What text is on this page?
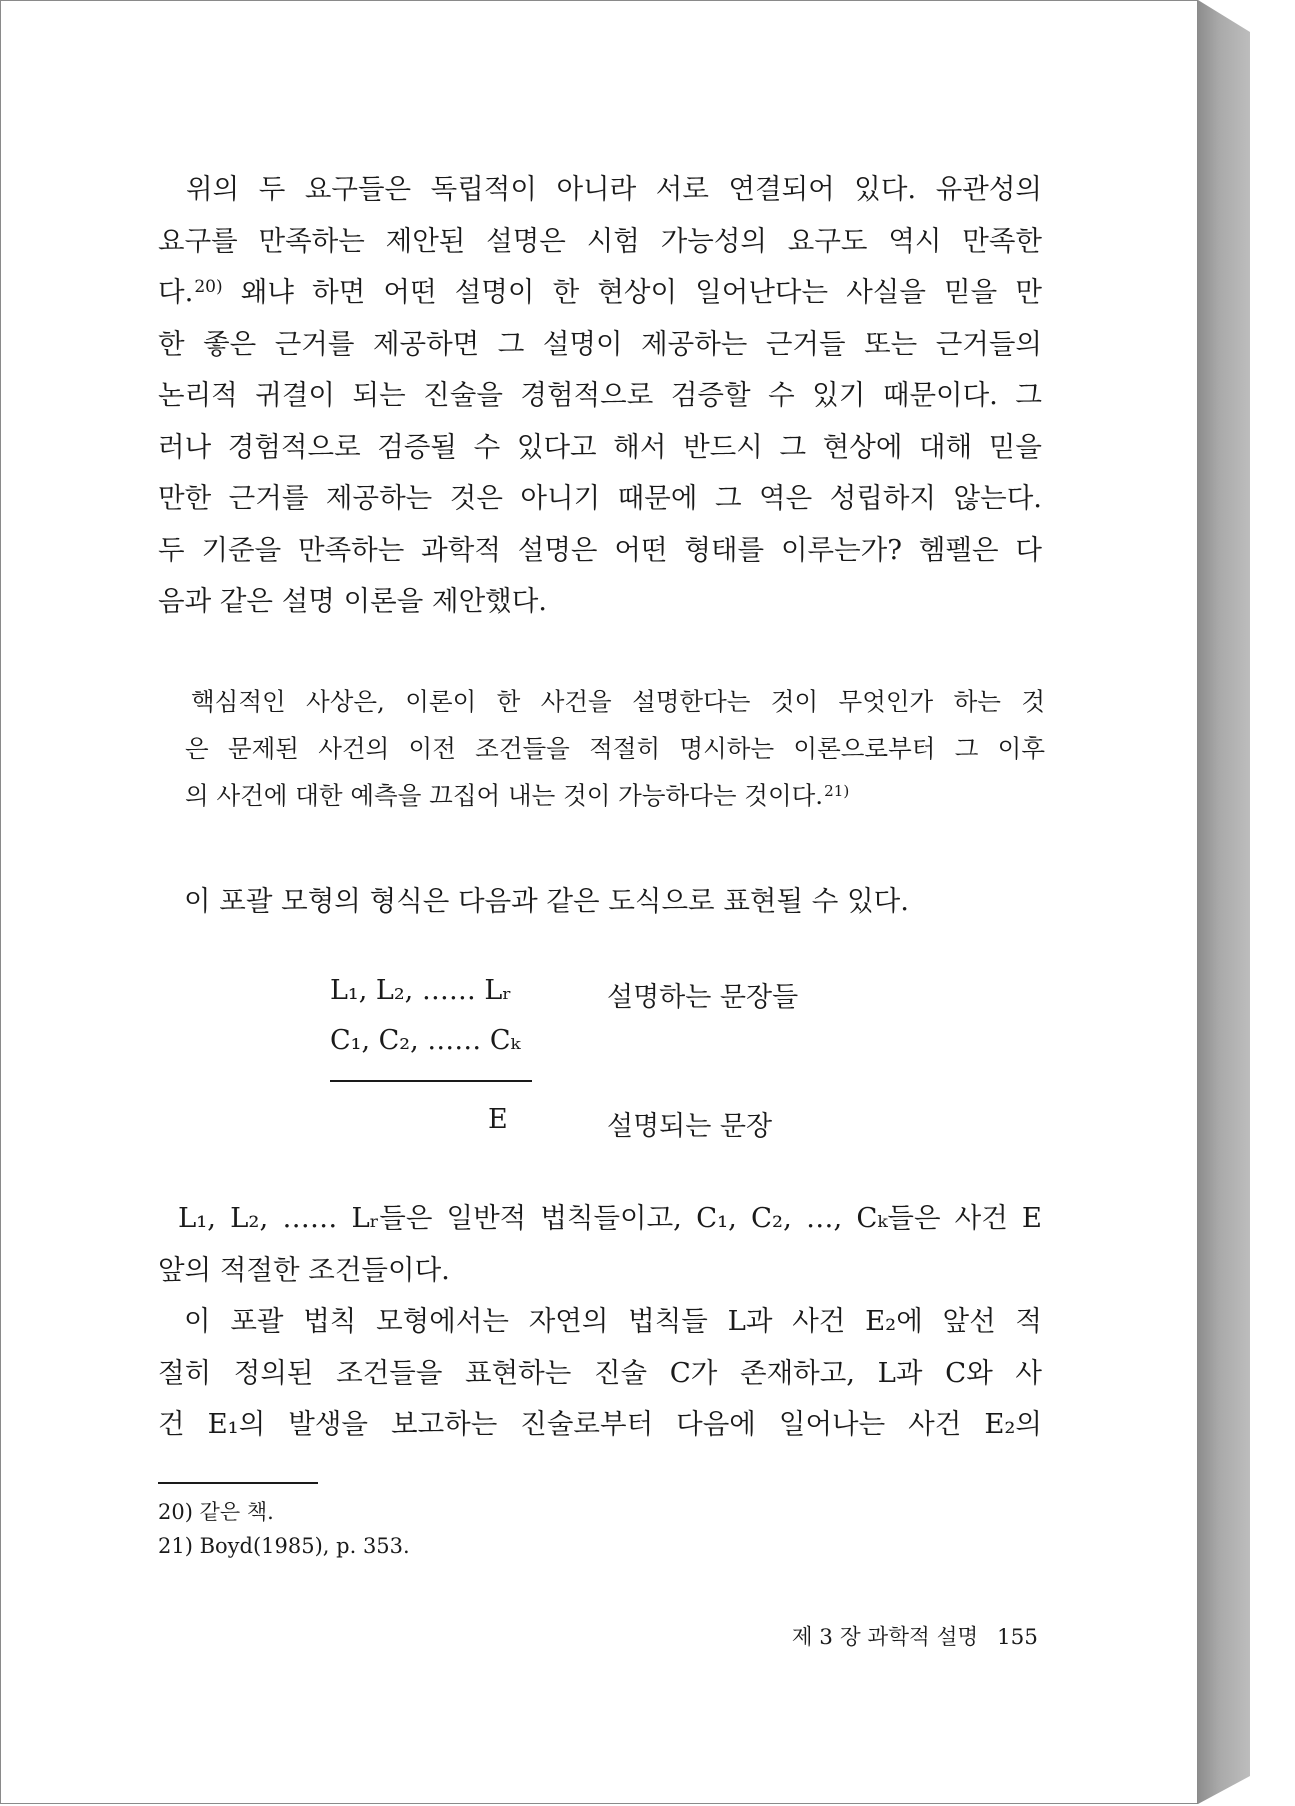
위의 두 요구들은 독립적이 아니라 서로 연결되어 있다. 유관성의
요구를 만족하는 제안된 설명은 시험 가능성의 요구도 역시 만족한
다.$^{20)}$ 왜냐 하면 어떤 설명이 한 현상이 일어난다는 사실을 믿을 만
한 좋은 근거를 제공하면 그 설명이 제공하는 근거들 또는 근거들의
논리적 귀결이 되는 진술을 경험적으로 검증할 수 있기 때문이다. 그
러나 경험적으로 검증될 수 있다고 해서 반드시 그 현상에 대해 믿을
만한 근거를 제공하는 것은 아니기 때문에 그 역은 성립하지 않는다.
두 기준을 만족하는 과학적 설명은 어떤 형태를 이루는가? 헴펠은 다
음과 같은 설명 이론을 제안했다.
핵심적인 사상은, 이론이 한 사건을 설명한다는 것이 무엇인가 하는 것
은 문제된 사건의 이전 조건들을 적절히 명시하는 이론으로부터 그 이후
의 사건에 대한 예측을 끄집어 내는 것이 가능하다는 것이다.$^{21)}$
이 포괄 모형의 형식은 다음과 같은 도식으로 표현될 수 있다.
L₁, L₂, …… Lᵣ	설명하는 문장들
C₁, C₂, …… Cₖ
E	설명되는 문장
L₁, L₂, …… Lᵣ들은 일반적 법칙들이고, C₁, C₂, …, Cₖ들은 사건 E
앞의 적절한 조건들이다.
이 포괄 법칙 모형에서는 자연의 법칙들 L과 사건 E₂에 앞선 적
절히 정의된 조건들을 표현하는 진술 C가 존재하고, L과 C와 사
건 E₁의 발생을 보고하는 진술로부터 다음에 일어나는 사건 E₂의
20) 같은 책.
21) Boyd(1985), p. 353.
제 3 장 과학적 설명 155
